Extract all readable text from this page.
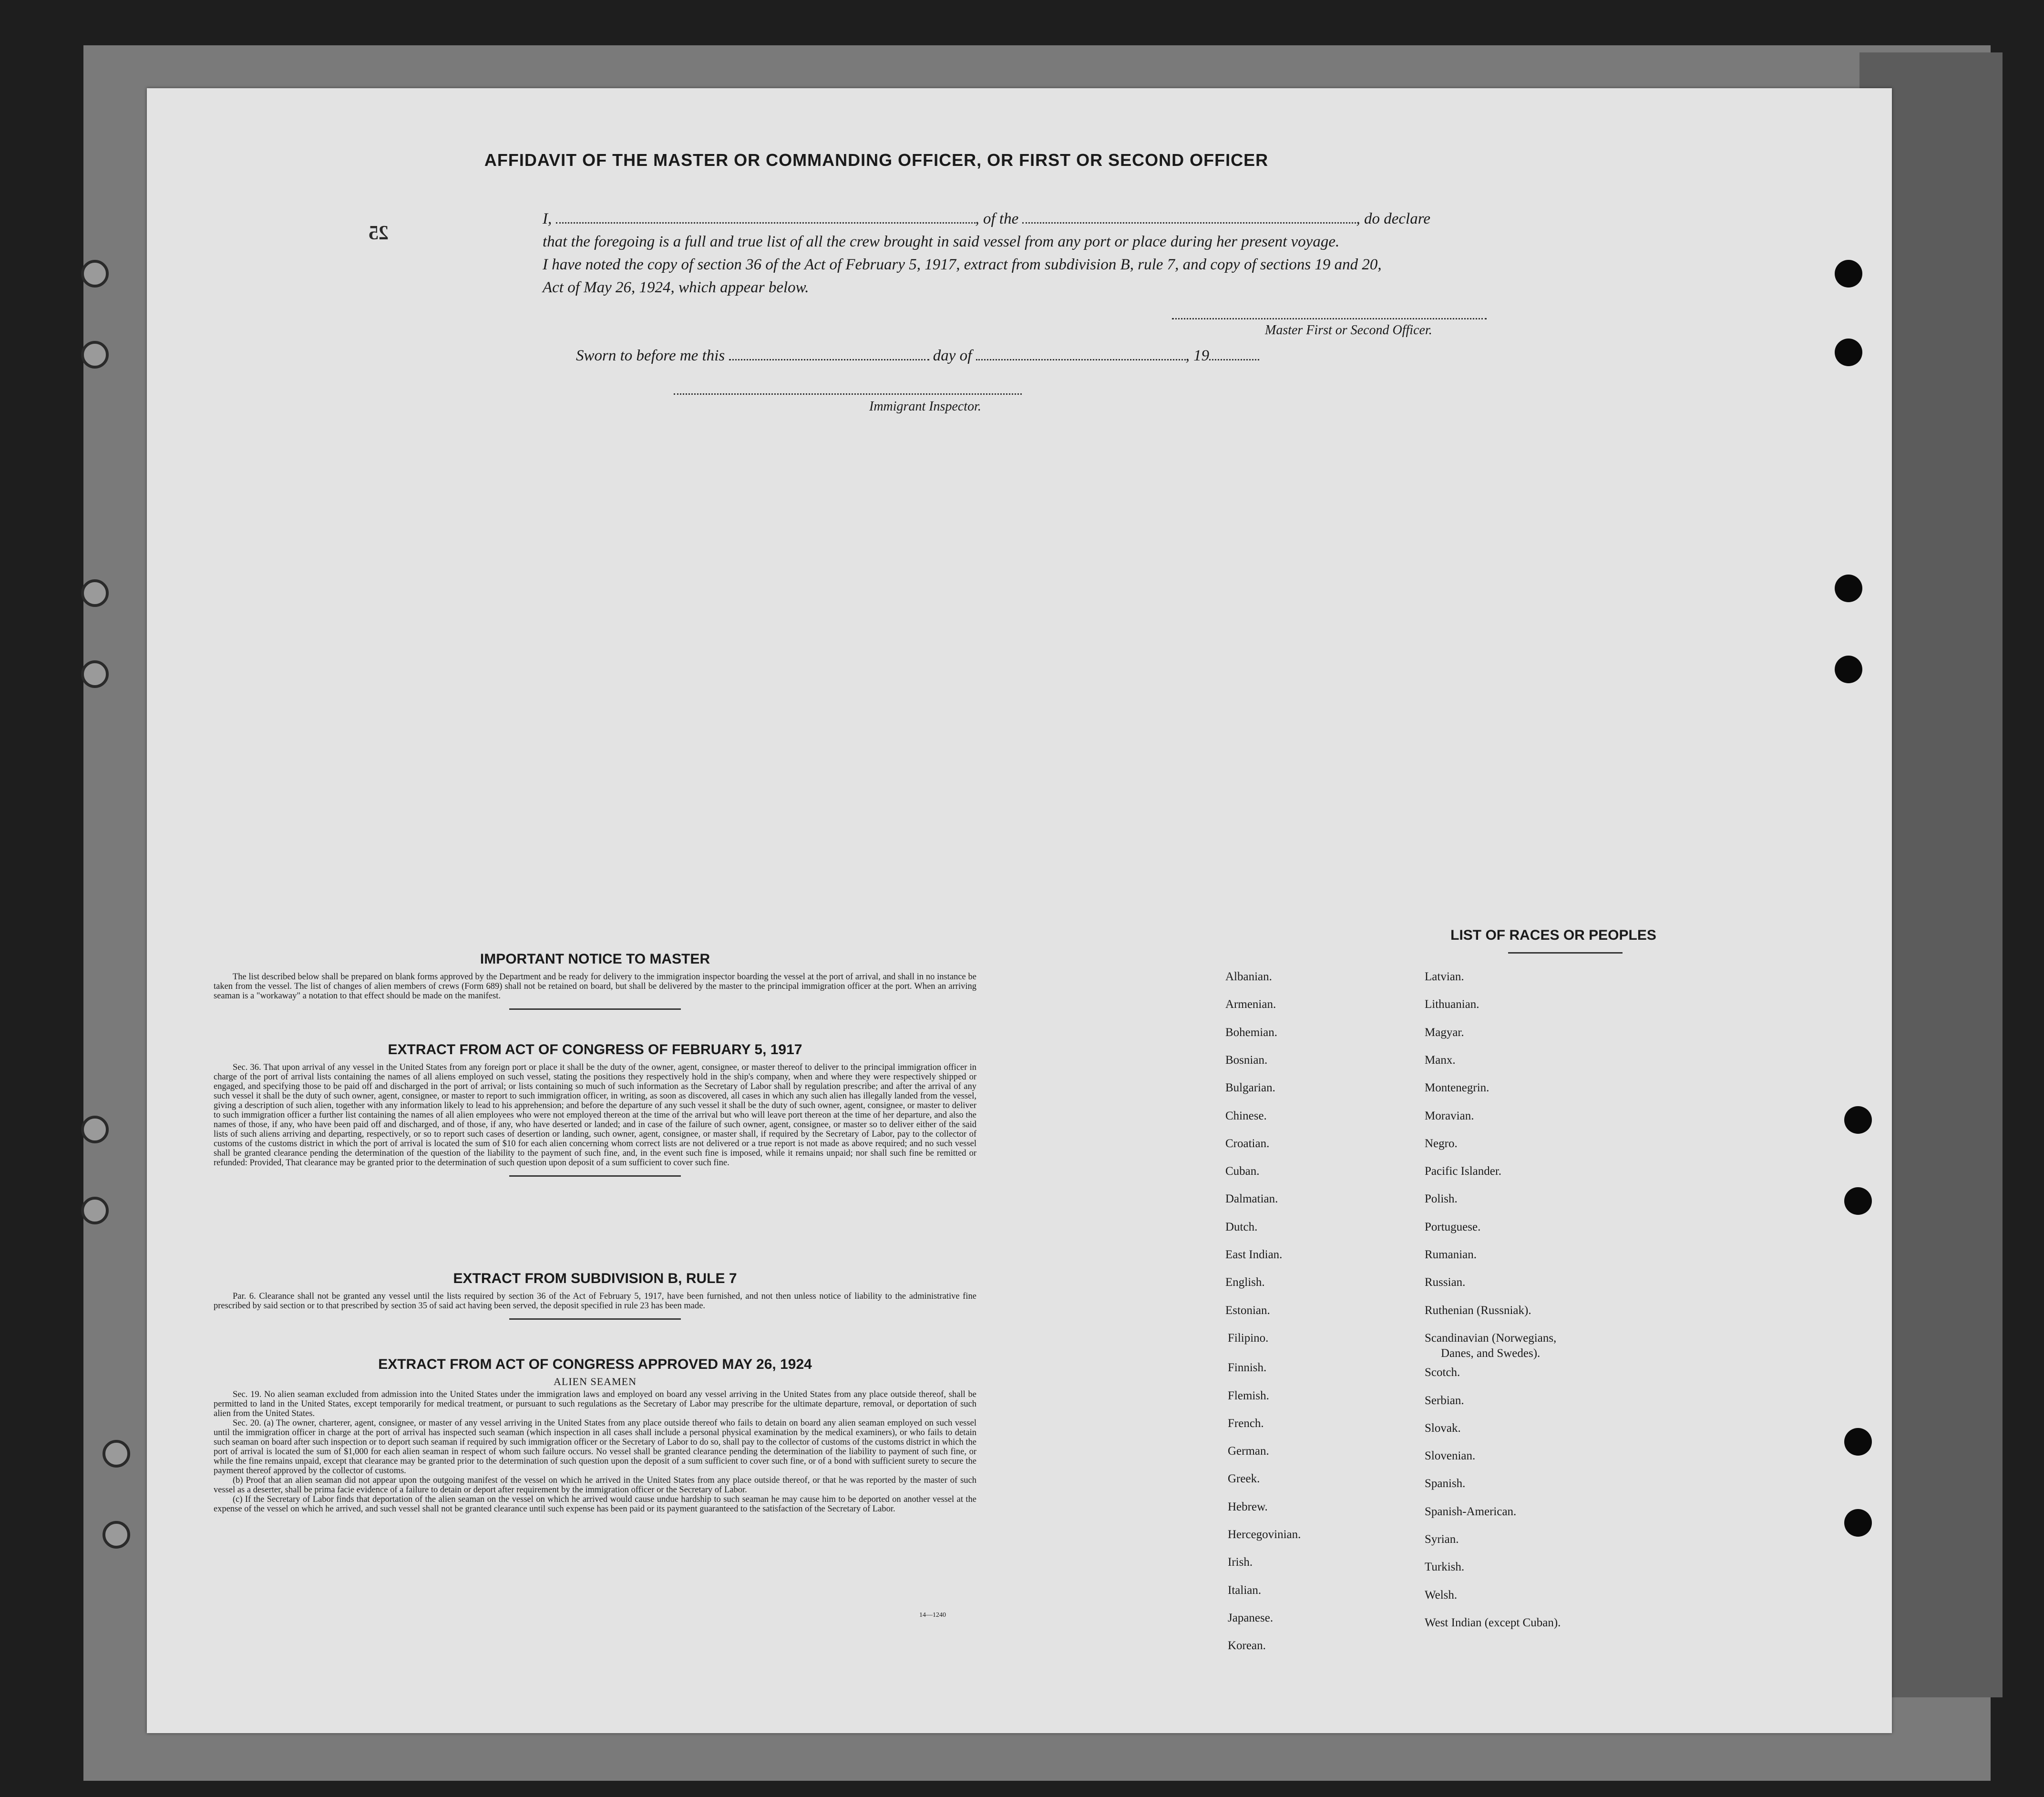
25
AFFIDAVIT OF THE MASTER OR COMMANDING OFFICER, OR FIRST OR SECOND OFFICER
I,	, of the	, do declare
that the foregoing is a full and true list of all the crew brought in said vessel from any port or place during her present voyage.
I have noted the copy of section 36 of the Act of February 5, 1917, extract from subdivision B, rule 7, and copy of sections 19 and 20,
Act of May 26, 1924, which appear below.
Master First or Second Officer.
Sworn to before me this	day of	, 19
Immigrant Inspector.
IMPORTANT NOTICE TO MASTER

The list described below shall be prepared on blank forms approved by the Department and be ready for delivery to the immigration inspector boarding the vessel at the port of arrival, and shall in no instance be taken from the vessel. The list of changes of alien members of crews (Form 689) shall not be retained on board, but shall be delivered by the master to the principal immigration officer at the port. When an arriving seaman is a "workaway" a notation to that effect should be made on the manifest.

EXTRACT FROM ACT OF CONGRESS OF FEBRUARY 5, 1917

Sec. 36. That upon arrival of any vessel in the United States from any foreign port or place it shall be the duty of the owner, agent, consignee, or master thereof to deliver to the principal immigration officer in charge of the port of arrival lists containing the names of all aliens employed on such vessel, stating the positions they respectively hold in the ship's company, when and where they were respectively shipped or engaged, and specifying those to be paid off and discharged in the port of arrival; or lists containing so much of such information as the Secretary of Labor shall by regulation prescribe; and after the arrival of any such vessel it shall be the duty of such owner, agent, consignee, or master to report to such immigration officer, in writing, as soon as discovered, all cases in which any such alien has illegally landed from the vessel, giving a description of such alien, together with any information likely to lead to his apprehension; and before the departure of any such vessel it shall be the duty of such owner, agent, consignee, or master to deliver to such immigration officer a further list containing the names of all alien employees who were not employed thereon at the time of the arrival but who will leave port thereon at the time of her departure, and also the names of those, if any, who have been paid off and discharged, and of those, if any, who have deserted or landed; and in case of the failure of such owner, agent, consignee, or master so to deliver either of the said lists of such aliens arriving and departing, respectively, or so to report such cases of desertion or landing, such owner, agent, consignee, or master shall, if required by the Secretary of Labor, pay to the collector of customs of the customs district in which the port of arrival is located the sum of $10 for each alien concerning whom correct lists are not delivered or a true report is not made as above required; and no such vessel shall be granted clearance pending the determination of the question of the liability to the payment of such fine, and, in the event such fine is imposed, while it remains unpaid; nor shall such fine be remitted or refunded: Provided, That clearance may be granted prior to the determination of such question upon deposit of a sum sufficient to cover such fine.

EXTRACT FROM SUBDIVISION B, RULE 7

Par. 6. Clearance shall not be granted any vessel until the lists required by section 36 of the Act of February 5, 1917, have been furnished, and not then unless notice of liability to the administrative fine prescribed by said section or to that prescribed by section 35 of said act having been served, the deposit specified in rule 23 has been made.

EXTRACT FROM ACT OF CONGRESS APPROVED MAY 26, 1924
ALIEN SEAMEN

Sec. 19. No alien seaman excluded from admission into the United States under the immigration laws and employed on board any vessel arriving in the United States from any place outside thereof, shall be permitted to land in the United States, except temporarily for medical treatment, or pursuant to such regulations as the Secretary of Labor may prescribe for the ultimate departure, removal, or deportation of such alien from the United States.

Sec. 20. (a) The owner, charterer, agent, consignee, or master of any vessel arriving in the United States from any place outside thereof who fails to detain on board any alien seaman employed on such vessel until the immigration officer in charge at the port of arrival has inspected such seaman (which inspection in all cases shall include a personal physical examination by the medical examiners), or who fails to detain such seaman on board after such inspection or to deport such seaman if required by such immigration officer or the Secretary of Labor to do so, shall pay to the collector of customs of the customs district in which the port of arrival is located the sum of $1,000 for each alien seaman in respect of whom such failure occurs. No vessel shall be granted clearance pending the determination of the liability to payment of such fine, or while the fine remains unpaid, except that clearance may be granted prior to the determination of such question upon the deposit of a sum sufficient to cover such fine, or of a bond with sufficient surety to secure the payment thereof approved by the collector of customs.

(b) Proof that an alien seaman did not appear upon the outgoing manifest of the vessel on which he arrived in the United States from any place outside thereof, or that he was reported by the master of such vessel as a deserter, shall be prima facie evidence of a failure to detain or deport after requirement by the immigration officer or the Secretary of Labor.

(c) If the Secretary of Labor finds that deportation of the alien seaman on the vessel on which he arrived would cause undue hardship to such seaman he may cause him to be deported on another vessel at the expense of the vessel on which he arrived, and such vessel shall not be granted clearance until such expense has been paid or its payment guaranteed to the satisfaction of the Secretary of Labor.

14—1240
LIST OF RACES OR PEOPLES
Albanian.
Armenian.
Bohemian.
Bosnian.
Bulgarian.
Chinese.
Croatian.
Cuban.
Dalmatian.
Dutch.
East Indian.
English.
Estonian.
Filipino.
Finnish.
Flemish.
French.
German.
Greek.
Hebrew.
Hercegovinian.
Irish.
Italian.
Japanese.
Korean.
Latvian.
Lithuanian.
Magyar.
Manx.
Montenegrin.
Moravian.
Negro.
Pacific Islander.
Polish.
Portuguese.
Rumanian.
Russian.
Ruthenian (Russniak).
Scandinavian (Norwegians,
Danes, and Swedes).
Scotch.
Serbian.
Slovak.
Slovenian.
Spanish.
Spanish-American.
Syrian.
Turkish.
Welsh.
West Indian (except Cuban).
